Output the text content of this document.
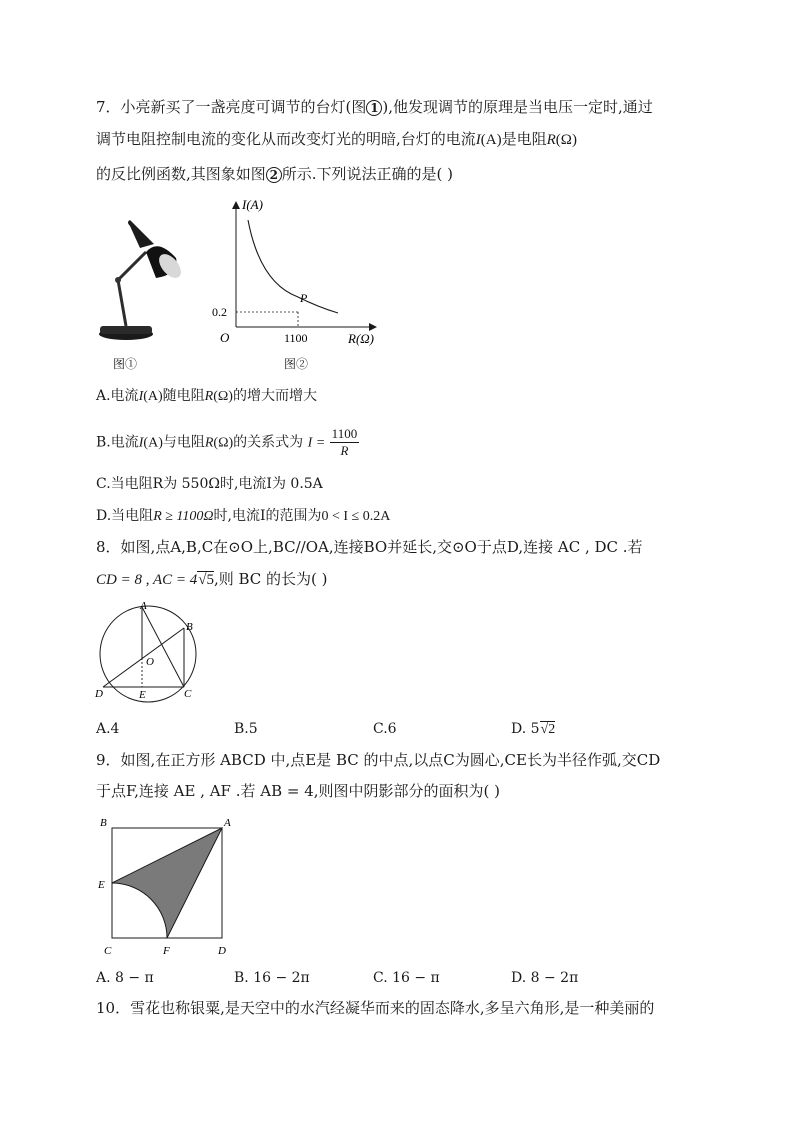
7．小亮新买了一盏亮度可调节的台灯(图 1 ),他发现调节的原理是当电压一定时,通过
调节电阻控制电流的变化从而改变灯光的明暗,台灯的电流I(A)是电阻R(Ω)
的反比例函数,其图象如图 2 所示.下列说法正确的是( )
图①
I(A)
R(Ω)
O
0.2
1100
P
图②
A.电流I(A)随电阻R(Ω)的增大而增大
B.电流I(A)与电阻R(Ω)的关系式为 $I = \frac{1100}{R}$
C.当电阻R为 550Ω时,电流I为 0.5A
D.当电阻R ≥ 1100Ω时,电流I的范围为0 < I ≤ 0.2A
8．如图,点A,B,C在⊙O上,BC//OA,连接BO并延长,交⊙O于点D,连接 AC , DC .若
CD = 8 , AC = 4√5,则 BC 的长为( )
A
B
O
D	E	C
A.4	B.5	C.6	D. 5√2
9．如图,在正方形 ABCD 中,点E是 BC 的中点,以点C为圆心,CE长为半径作弧,交CD
于点F,连接 AE , AF .若 AB = 4,则图中阴影部分的面积为( )
B	A
E
C	F	D
A. 8 − π	B. 16 − 2π	C. 16 − π	D. 8 − 2π
10．雪花也称银粟,是天空中的水汽经凝华而来的固态降水,多呈六角形,是一种美丽的
